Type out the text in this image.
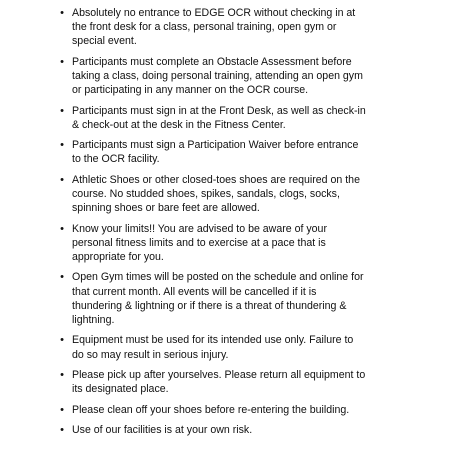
• Absolutely no entrance to EDGE OCR without checking in at
the front desk for a class, personal training, open gym or
special event.
• Participants must complete an Obstacle Assessment before
taking a class, doing personal training, attending an open gym
or participating in any manner on the OCR course.
• Participants must sign in at the Front Desk, as well as check-in
& check-out at the desk in the Fitness Center.
• Participants must sign a Participation Waiver before entrance
to the OCR facility.
• Athletic Shoes or other closed-toes shoes are required on the
course. No studded shoes, spikes, sandals, clogs, socks,
spinning shoes or bare feet are allowed.
• Know your limits!! You are advised to be aware of your
personal fitness limits and to exercise at a pace that is
appropriate for you.
• Open Gym times will be posted on the schedule and online for
that current month. All events will be cancelled if it is
thundering & lightning or if there is a threat of thundering &
lightning.
• Equipment must be used for its intended use only. Failure to
do so may result in serious injury.
• Please pick up after yourselves. Please return all equipment to
its designated place.
• Please clean off your shoes before re-entering the building.
• Use of our facilities is at your own risk.
